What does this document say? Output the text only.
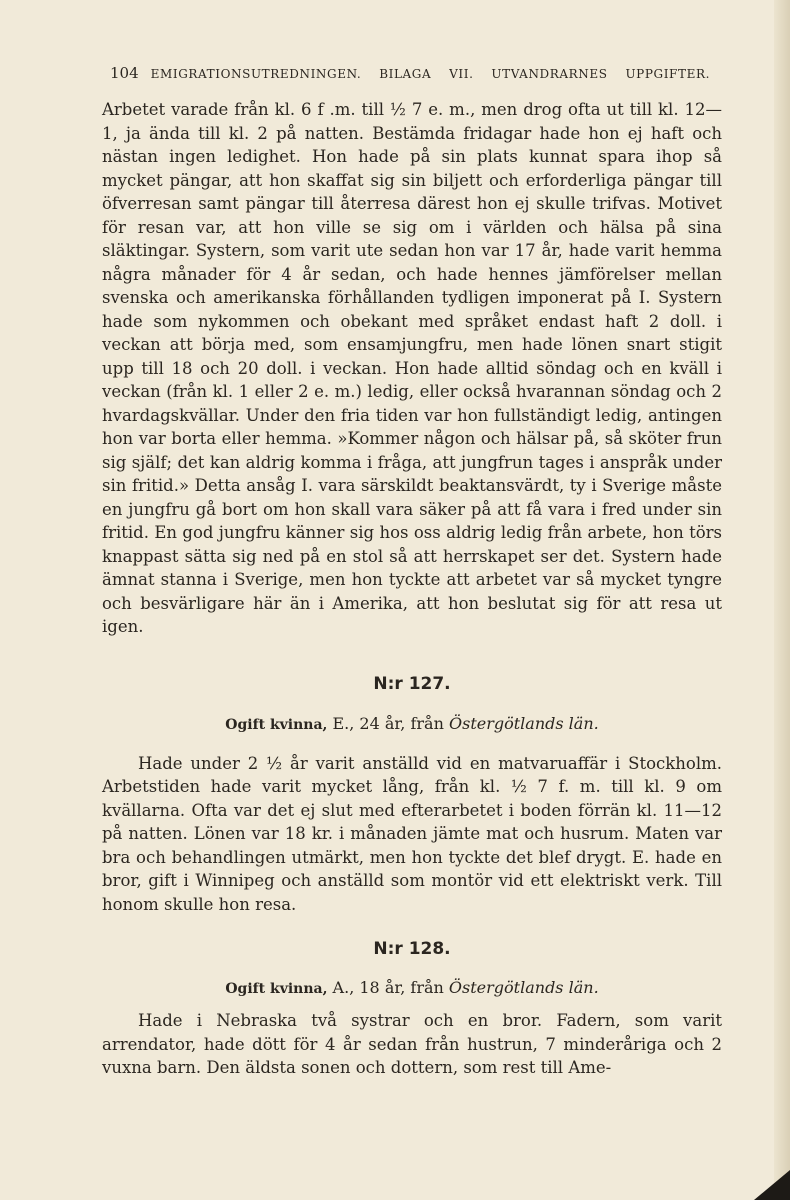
104 EMIGRATIONSUTREDNINGEN. BILAGA VII. UTVANDRARNES UPPGIFTER.

Arbetet varade från kl. 6 f .m. till ½ 7 e. m., men drog ofta ut till kl. 12—1, ja ända till kl. 2 på natten. Bestämda fridagar hade hon ej haft och nästan ingen ledighet. Hon hade på sin plats kunnat spara ihop så mycket pängar, att hon skaffat sig sin biljett och erforderliga pängar till öfverresan samt pängar till återresa därest hon ej skulle trifvas. Motivet för resan var, att hon ville se sig om i världen och hälsa på sina släktingar. Systern, som varit ute sedan hon var 17 år, hade varit hemma några månader för 4 år sedan, och hade hennes jämförelser mellan svenska och amerikanska förhållanden tydligen imponerat på I. Systern hade som nykommen och obekant med språket endast haft 2 doll. i veckan att börja med, som ensamjungfru, men hade lönen snart stigit upp till 18 och 20 doll. i veckan. Hon hade alltid söndag och en kväll i veckan (från kl. 1 eller 2 e. m.) ledig, eller också hvarannan söndag och 2 hvardagskvällar. Under den fria tiden var hon fullständigt ledig, antingen hon var borta eller hemma. »Kommer någon och hälsar på, så sköter frun sig själf; det kan aldrig komma i fråga, att jungfrun tages i anspråk under sin fritid.» Detta ansåg I. vara särskildt beaktansvärdt, ty i Sverige måste en jungfru gå bort om hon skall vara säker på att få vara i fred under sin fritid. En god jungfru känner sig hos oss aldrig ledig från arbete, hon törs knappast sätta sig ned på en stol så att herrskapet ser det. Systern hade ämnat stanna i Sverige, men hon tyckte att arbetet var så mycket tyngre och besvärligare här än i Amerika, att hon beslutat sig för att resa ut igen.

N:r 127.
Ogift kvinna, E., 24 år, från Östergötlands län.

Hade under 2 ½ år varit anställd vid en matvaruaffär i Stockholm. Arbetstiden hade varit mycket lång, från kl. ½ 7 f. m. till kl. 9 om kvällarna. Ofta var det ej slut med efterarbetet i boden förrän kl. 11—12 på natten. Lönen var 18 kr. i månaden jämte mat och husrum. Maten var bra och behandlingen utmärkt, men hon tyckte det blef drygt. E. hade en bror, gift i Winnipeg och anställd som montör vid ett elektriskt verk. Till honom skulle hon resa.

N:r 128.
Ogift kvinna, A., 18 år, från Östergötlands län.

Hade i Nebraska två systrar och en bror. Fadern, som varit arrendator, hade dött för 4 år sedan från hustrun, 7 minderåriga och 2 vuxna barn. Den äldsta sonen och dottern, som rest till Ame-
